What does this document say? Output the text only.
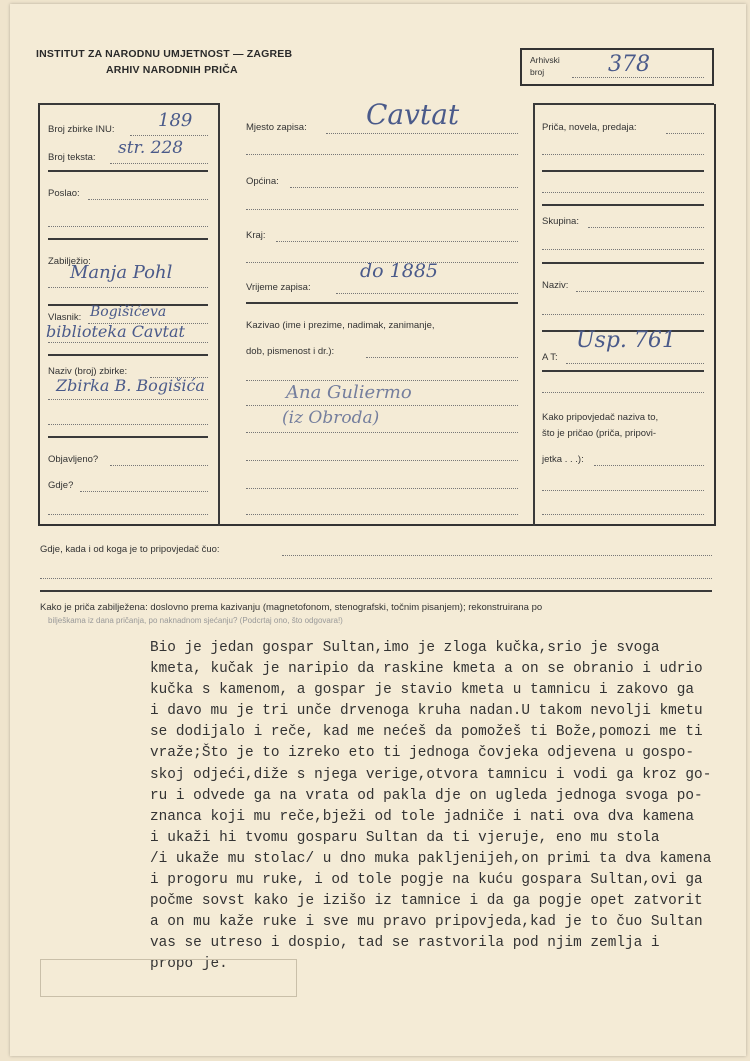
INSTITUT ZA NARODNU UMJETNOST — ZAGREB
ARHIV NARODNIH PRIČA
Arhivski
broj	378
Broj zbirke INU: 189
Broj teksta: str. 228
Poslao:
Zabilježio:
Manja Pohl
Vlasnik: Bogišićeva
biblioteka Cavtat
Naziv (broj) zbirke:
Zbirka B. Bogišića
Objavljeno?
Gdje?
Mjesto zapisa: Cavtat
Općina:
Kraj:
Vrijeme zapisa:
do 1885
Kazivao (ime i prezime, nadimak, zanimanje,
dob, pismenost i dr.):
Ana Guliermo
(iz Obroda)
Priča, novela, predaja:
Skupina:
Naziv:
A T:
Usp. 761
Kako pripovjedač naziva to,
što je pričao (priča, pripovi-
jetka . . .):
Gdje, kada i od koga je to pripovjedač čuo:
Kako je priča zabilježena: doslovno prema kazivanju (magnetofonom, stenografski, točnim pisanjem); rekonstruirana po
bilješkama iz dana pričanja, po naknadnom sjećanju? (Podcrtaj ono, što odgovara!)
Bio je jedan gospar Sultan,imo je zloga kučka,srio je svoga
kmeta, kučak je naripio da raskine kmeta a on se obranio i udrio
kučka s kamenom, a gospar je stavio kmeta u tamnicu i zakovo ga
i davo mu je tri unče drvenoga kruha nadan.U takom nevolji kmetu
se dodijalo i reče, kad me nećeš da pomožeš ti Bože,pomozi me ti
vraže;Što je to izreko eto ti jednoga čovjeka odjevena u gospo-
skoj odjeći,diže s njega verige,otvora tamnicu i vodi ga kroz go-
ru i odvede ga na vrata od pakla dje on ugleda jednoga svoga po-
znanca koji mu reče,bježi od tole jadniče i nati ova dva kamena
i ukaži hi tvomu gosparu Sultan da ti vjeruje, eno mu stola
/i ukaže mu stolac/ u dno muka pakljenijeh,on primi ta dva kamena
i progoru mu ruke, i od tole pogje na kuću gospara Sultan,ovi ga
počme sovst kako je izišo iz tamnice i da ga pogje opet zatvorit
a on mu kaže ruke i sve mu pravo pripovjeda,kad je to čuo Sultan
vas se utreso i dospio, tad se rastvorila pod njim zemlja i
propo je.
